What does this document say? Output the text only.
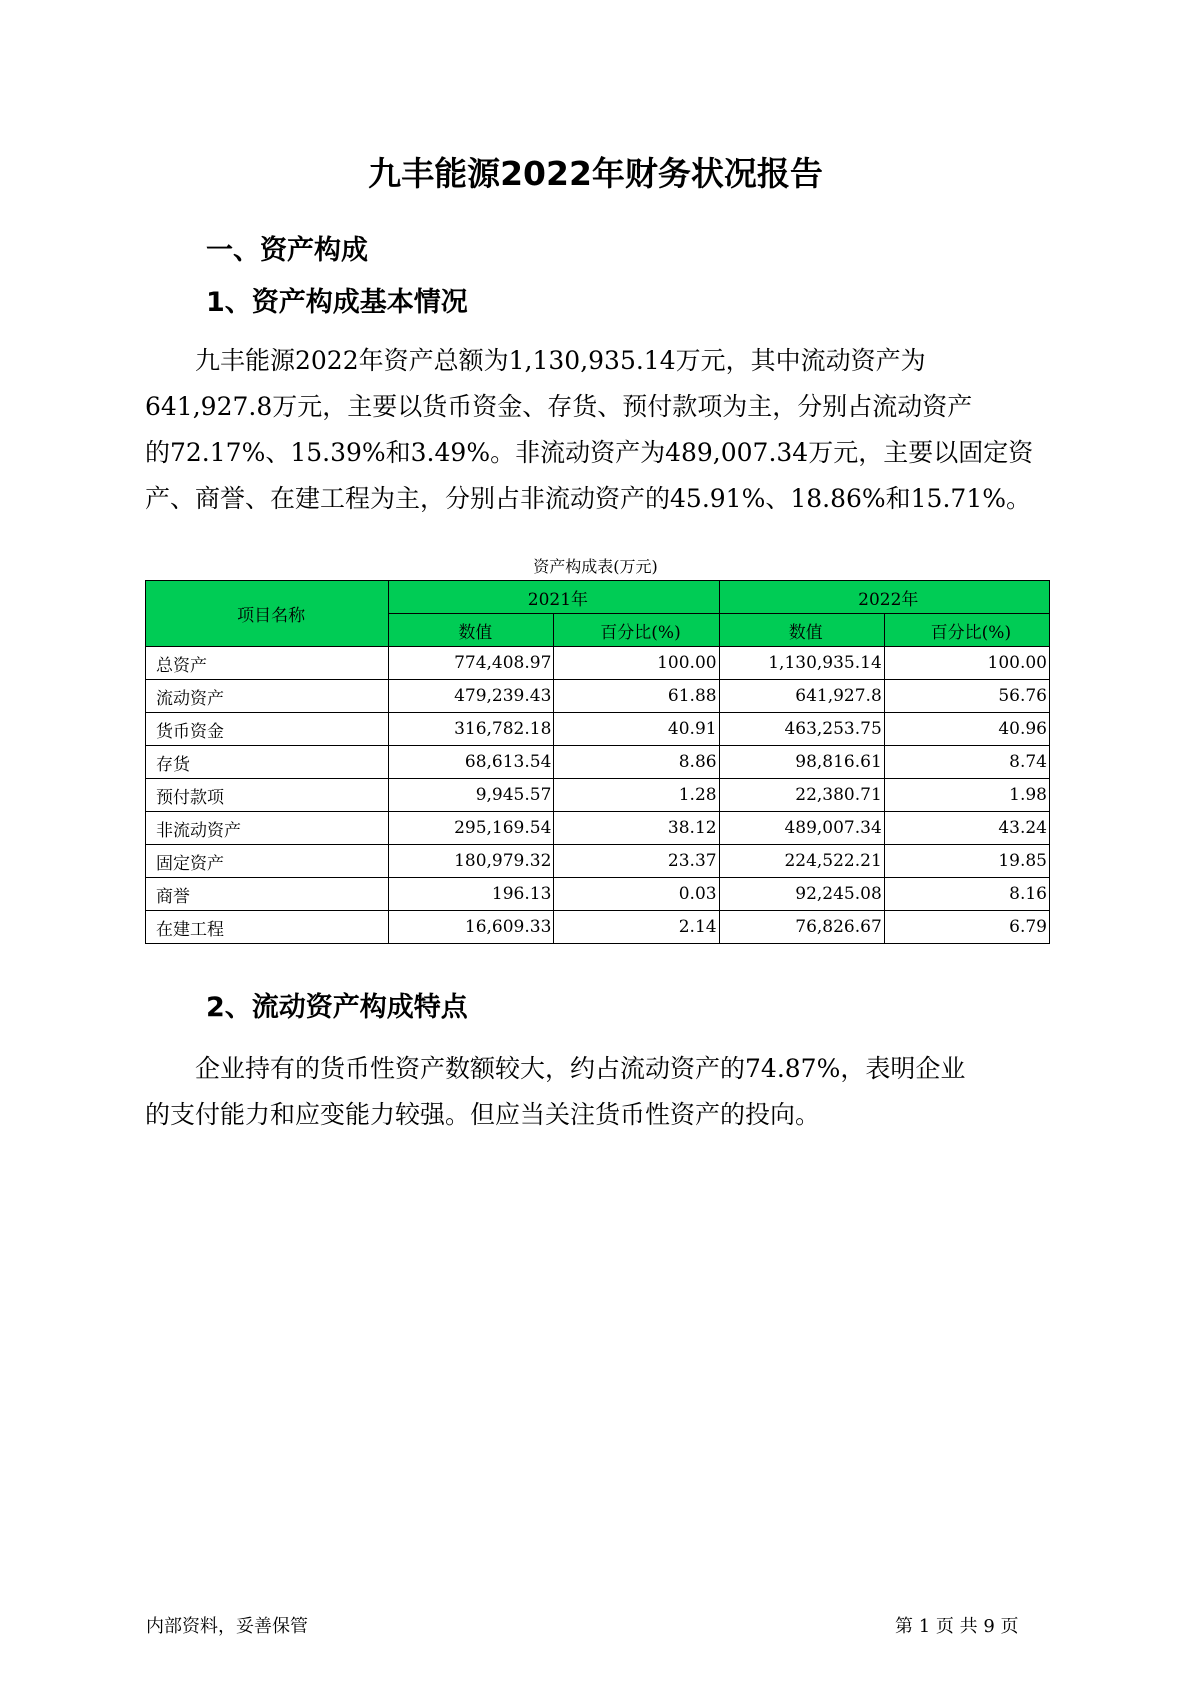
九丰能源2022年财务状况报告
一、资产构成
1、资产构成基本情况
九丰能源2022年资产总额为1,130,935.14万元，其中流动资产为
641,927.8万元，主要以货币资金、存货、预付款项为主，分别占流动资产
的72.17%、15.39%和3.49%。非流动资产为489,007.34万元，主要以固定资
产、商誉、在建工程为主，分别占非流动资产的45.91%、18.86%和15.71%。
资产构成表(万元)
项目名称	2021年		2022年	
	数值	百分比(%)	数值	百分比(%)
总资产	774,408.97	100.00	1,130,935.14	100.00
流动资产	479,239.43	61.88	641,927.8	56.76
货币资金	316,782.18	40.91	463,253.75	40.96
存货	68,613.54	8.86	98,816.61	8.74
预付款项	9,945.57	1.28	22,380.71	1.98
非流动资产	295,169.54	38.12	489,007.34	43.24
固定资产	180,979.32	23.37	224,522.21	19.85
商誉	196.13	0.03	92,245.08	8.16
在建工程	16,609.33	2.14	76,826.67	6.79
2、流动资产构成特点
企业持有的货币性资产数额较大，约占流动资产的74.87%，表明企业
的支付能力和应变能力较强。但应当关注货币性资产的投向。
内部资料，妥善保管	第 1 页 共 9 页
